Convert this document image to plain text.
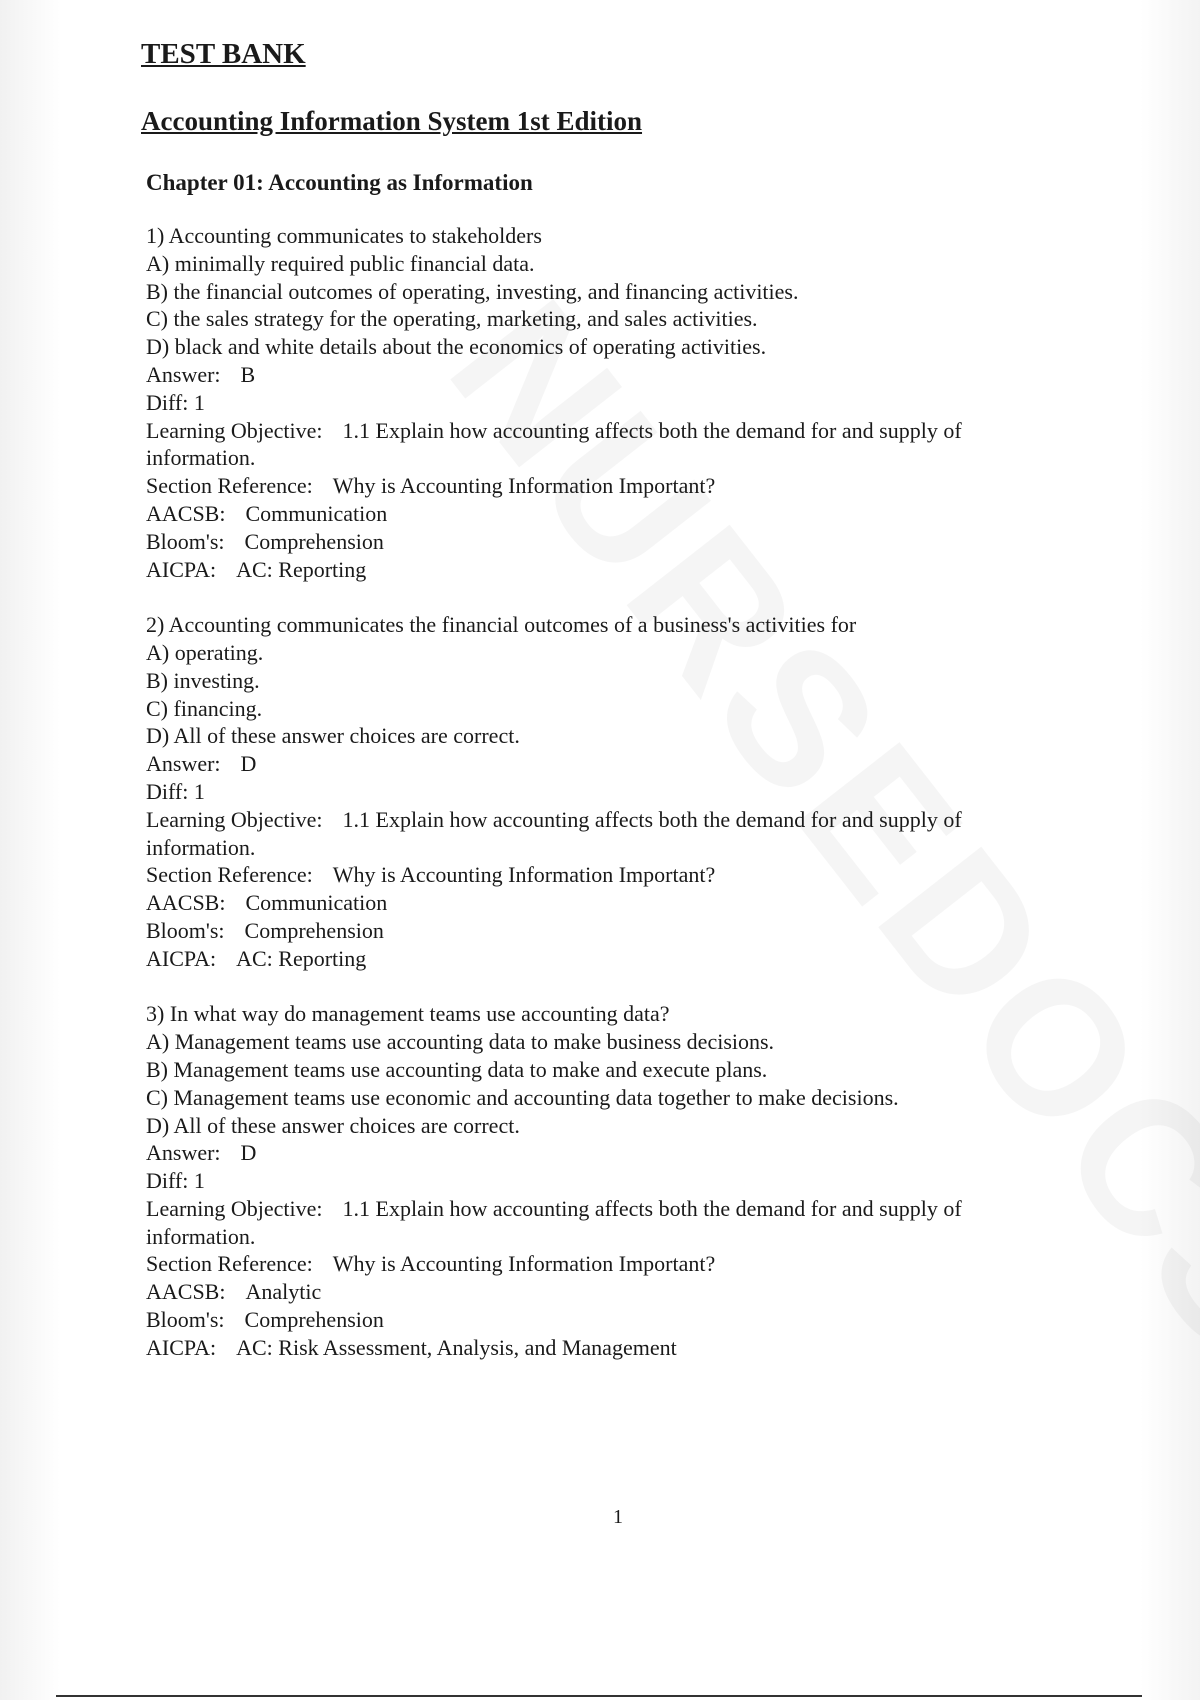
TEST BANK
Accounting Information System 1st Edition
Chapter 01: Accounting as Information
1) Accounting communicates to stakeholders
A) minimally required public financial data.
B) the financial outcomes of operating, investing, and financing activities.
C) the sales strategy for the operating, marketing, and sales activities.
D) black and white details about the economics of operating activities.
Answer: B
Diff: 1
Learning Objective: 1.1 Explain how accounting affects both the demand for and supply of information.
Section Reference: Why is Accounting Information Important?
AACSB: Communication
Bloom's: Comprehension
AICPA: AC: Reporting
2) Accounting communicates the financial outcomes of a business's activities for
A) operating.
B) investing.
C) financing.
D) All of these answer choices are correct.
Answer: D
Diff: 1
Learning Objective: 1.1 Explain how accounting affects both the demand for and supply of information.
Section Reference: Why is Accounting Information Important?
AACSB: Communication
Bloom's: Comprehension
AICPA: AC: Reporting
3) In what way do management teams use accounting data?
A) Management teams use accounting data to make business decisions.
B) Management teams use accounting data to make and execute plans.
C) Management teams use economic and accounting data together to make decisions.
D) All of these answer choices are correct.
Answer: D
Diff: 1
Learning Objective: 1.1 Explain how accounting affects both the demand for and supply of information.
Section Reference: Why is Accounting Information Important?
AACSB: Analytic
Bloom's: Comprehension
AICPA: AC: Risk Assessment, Analysis, and Management
1
